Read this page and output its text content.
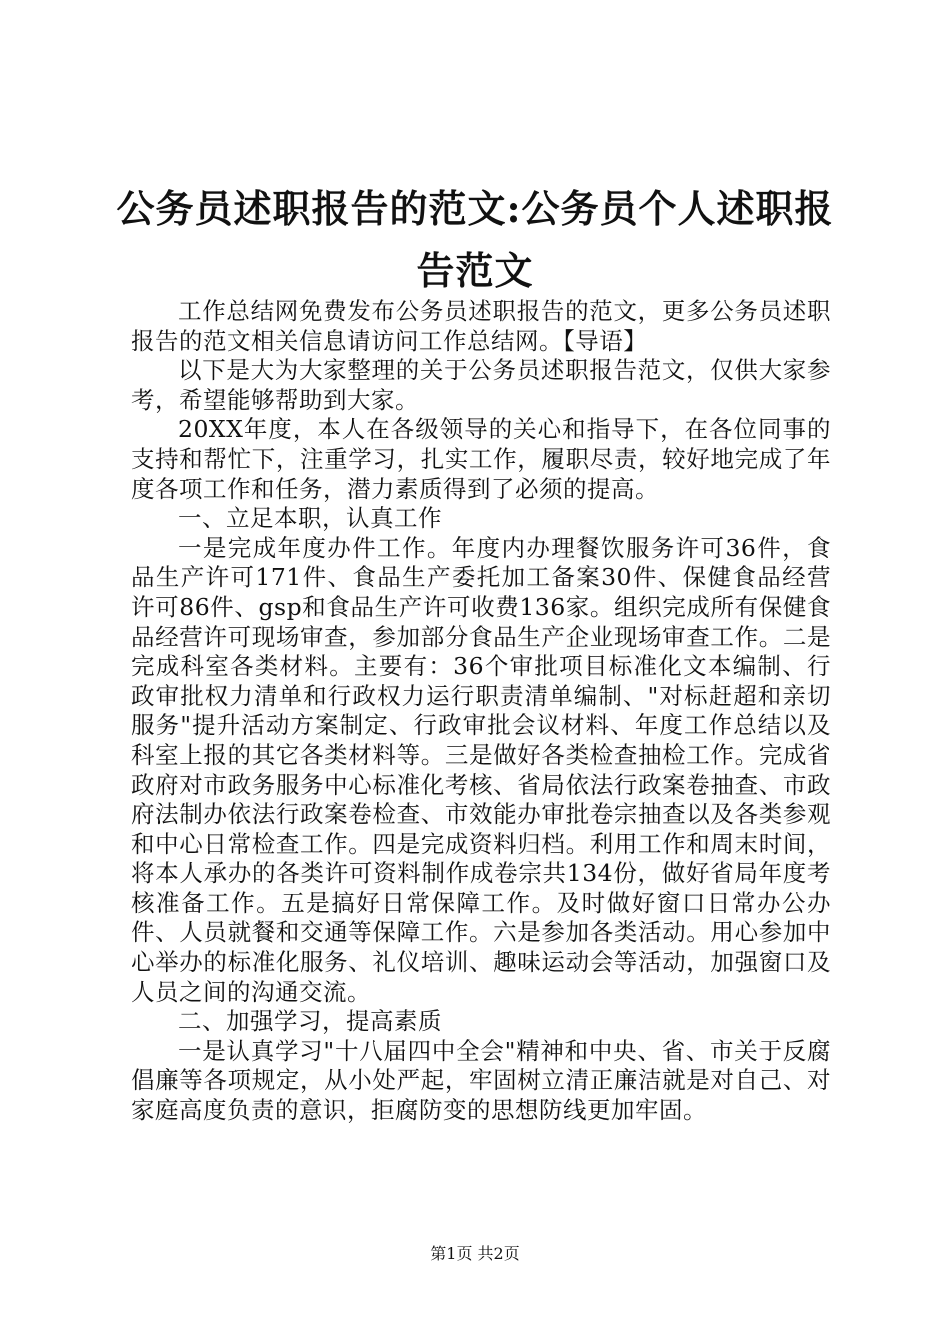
公务员述职报告的范文:公务员个人述职报告范文

工作总结网免费发布公务员述职报告的范文，更多公务员述职报告的范文相关信息请访问工作总结网。【导语】

以下是大为大家整理的关于公务员述职报告范文，仅供大家参考，希望能够帮助到大家。

20XX年度，本人在各级领导的关心和指导下，在各位同事的支持和帮忙下，注重学习，扎实工作，履职尽责，较好地完成了年度各项工作和任务，潜力素质得到了必须的提高。

一、立足本职，认真工作

一是完成年度办件工作。年度内办理餐饮服务许可36件，食品生产许可171件、食品生产委托加工备案30件、保健食品经营许可86件、gsp和食品生产许可收费136家。组织完成所有保健食品经营许可现场审查，参加部分食品生产企业现场审查工作。二是完成科室各类材料。主要有：36个审批项目标准化文本编制、行政审批权力清单和行政权力运行职责清单编制、"对标赶超和亲切服务"提升活动方案制定、行政审批会议材料、年度工作总结以及科室上报的其它各类材料等。三是做好各类检查抽检工作。完成省政府对市政务服务中心标准化考核、省局依法行政案卷抽查、市政府法制办依法行政案卷检查、市效能办审批卷宗抽查以及各类参观和中心日常检查工作。四是完成资料归档。利用工作和周末时间，将本人承办的各类许可资料制作成卷宗共134份，做好省局年度考核准备工作。五是搞好日常保障工作。及时做好窗口日常办公办件、人员就餐和交通等保障工作。六是参加各类活动。用心参加中心举办的标准化服务、礼仪培训、趣味运动会等活动，加强窗口及人员之间的沟通交流。

二、加强学习，提高素质

一是认真学习"十八届四中全会"精神和中央、省、市关于反腐倡廉等各项规定，从小处严起，牢固树立清正廉洁就是对自己、对家庭高度负责的意识，拒腐防变的思想防线更加牢固。

第1页 共2页
